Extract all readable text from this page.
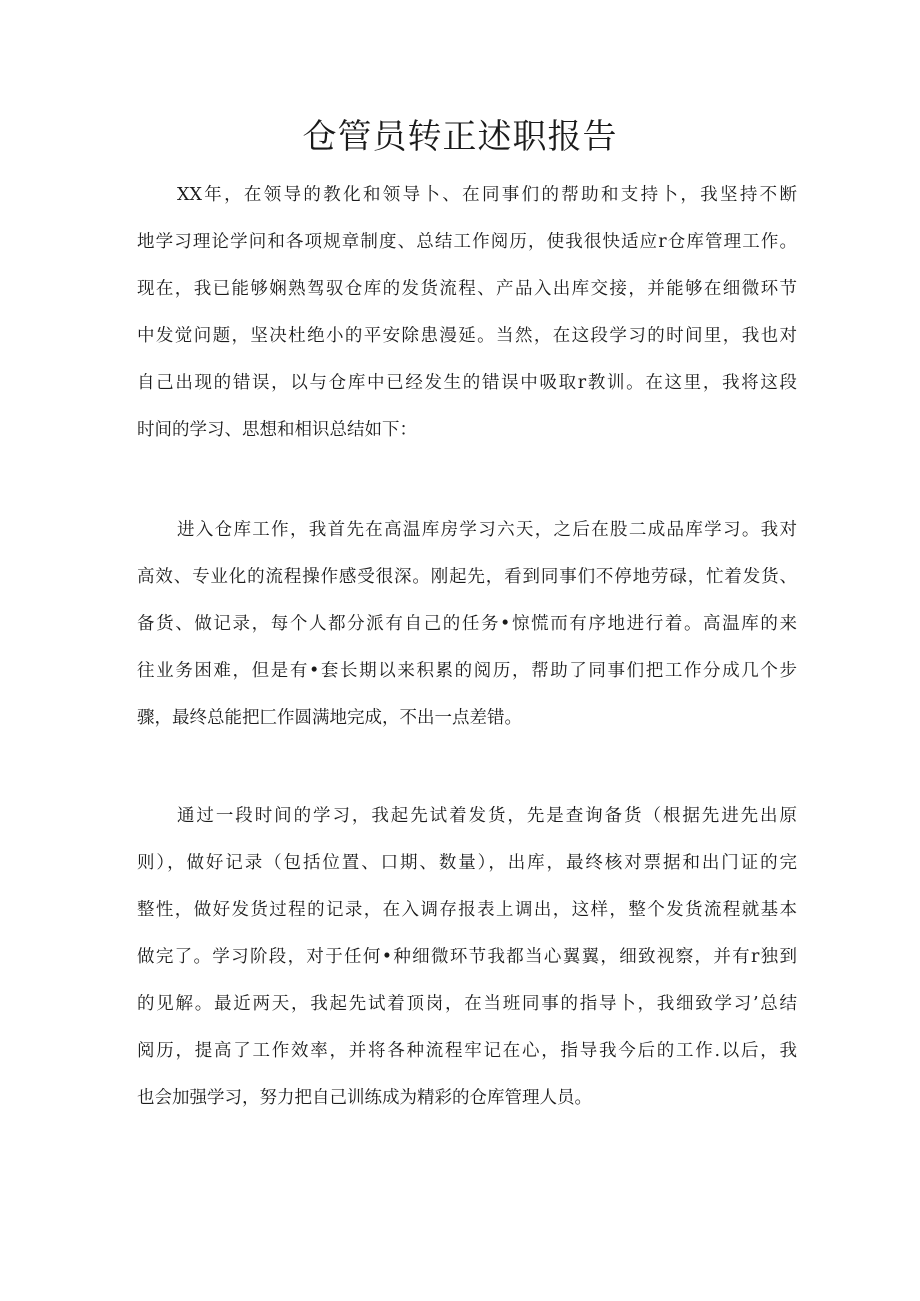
仓管员转正述职报告
XX年，在领导的教化和领导卜、在同事们的帮助和支持卜，我坚持不断
地学习理论学问和各项规章制度、总结工作阅历，使我很快适应r仓库管理工作。
现在，我已能够娴熟驾驭仓库的发货流程、产品入出库交接，并能够在细微环节
中发觉问题，坚决杜绝小的平安除患漫延。当然，在这段学习的时间里，我也对
自己出现的错误，以与仓库中已经发生的错误中吸取r教训。在这里，我将这段
时间的学习、思想和相识总结如下：
进入仓库工作，我首先在高温库房学习六天，之后在股二成品库学习。我对
高效、专业化的流程操作感受很深。刚起先，看到同事们不停地劳碌，忙着发货、
备货、做记录，每个人都分派有自己的任务•惊慌而有序地进行着。高温库的来
往业务困难，但是有•套长期以来积累的阅历，帮助了同事们把工作分成几个步
骤，最终总能把匚作圆满地完成，不出一点差错。
通过一段时间的学习，我起先试着发货，先是查询备货（根据先进先出原
则），做好记录（包括位置、口期、数量），出库，最终核对票据和出门证的完
整性，做好发货过程的记录，在入调存报表上调出，这样，整个发货流程就基本
做完了。学习阶段，对于任何•种细微环节我都当心翼翼，细致视察，并有r独到
的见解。最近两天，我起先试着顶岗，在当班同事的指导卜，我细致学习’总结
阅历，提高了工作效率，并将各种流程牢记在心，指导我今后的工作.以后，我
也会加强学习，努力把自己训练成为精彩的仓库管理人员。
